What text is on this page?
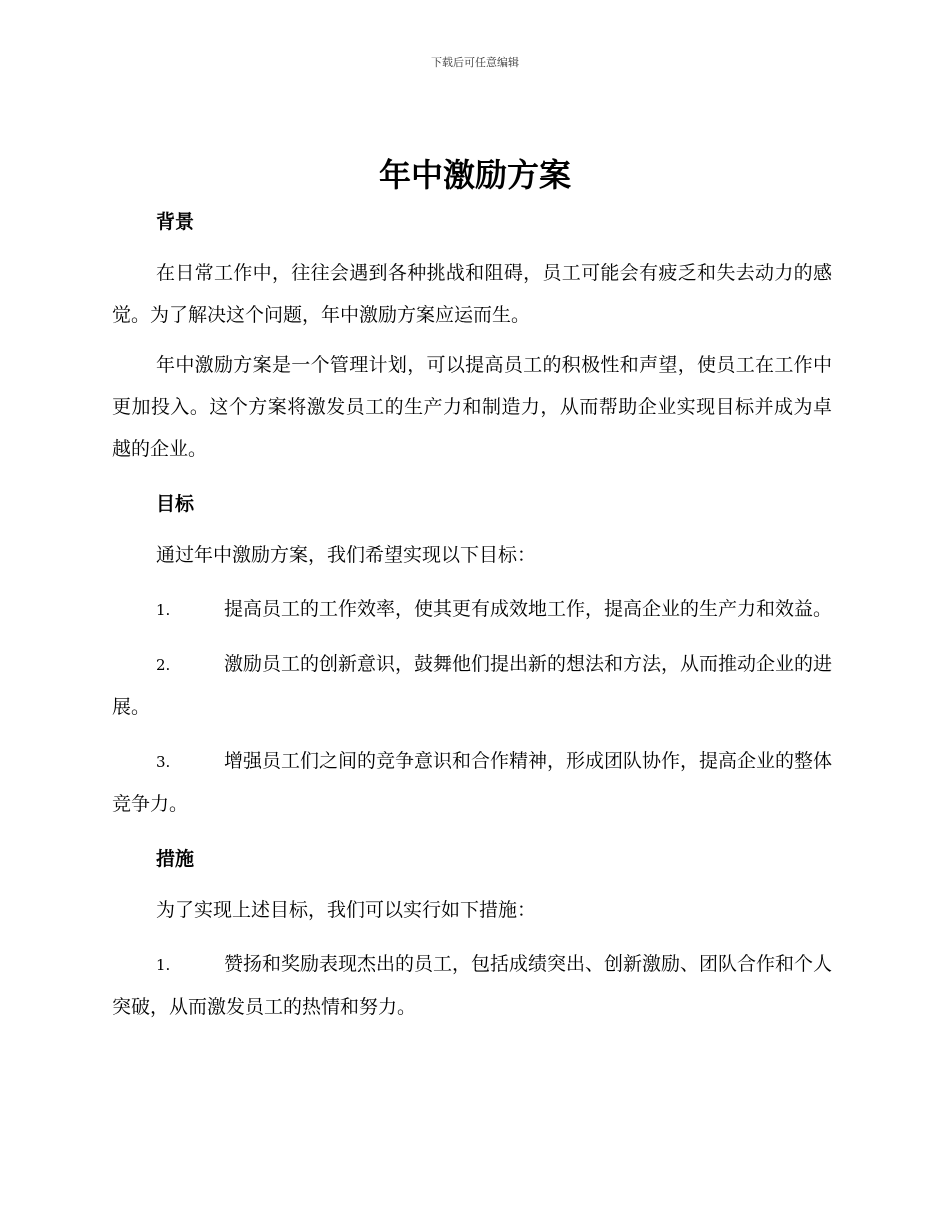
下载后可任意编辑
年中激励方案
背景

在日常工作中，往往会遇到各种挑战和阻碍，员工可能会有疲乏和失去动力的感觉。为了解决这个问题，年中激励方案应运而生。

年中激励方案是一个管理计划，可以提高员工的积极性和声望，使员工在工作中更加投入。这个方案将激发员工的生产力和制造力，从而帮助企业实现目标并成为卓越的企业。

目标

通过年中激励方案，我们希望实现以下目标：

1.	提高员工的工作效率，使其更有成效地工作，提高企业的生产力和效益。

2.	激励员工的创新意识，鼓舞他们提出新的想法和方法，从而推动企业的进展。

3.	增强员工们之间的竞争意识和合作精神，形成团队协作，提高企业的整体竞争力。

措施

为了实现上述目标，我们可以实行如下措施：

1.	赞扬和奖励表现杰出的员工，包括成绩突出、创新激励、团队合作和个人突破，从而激发员工的热情和努力。
